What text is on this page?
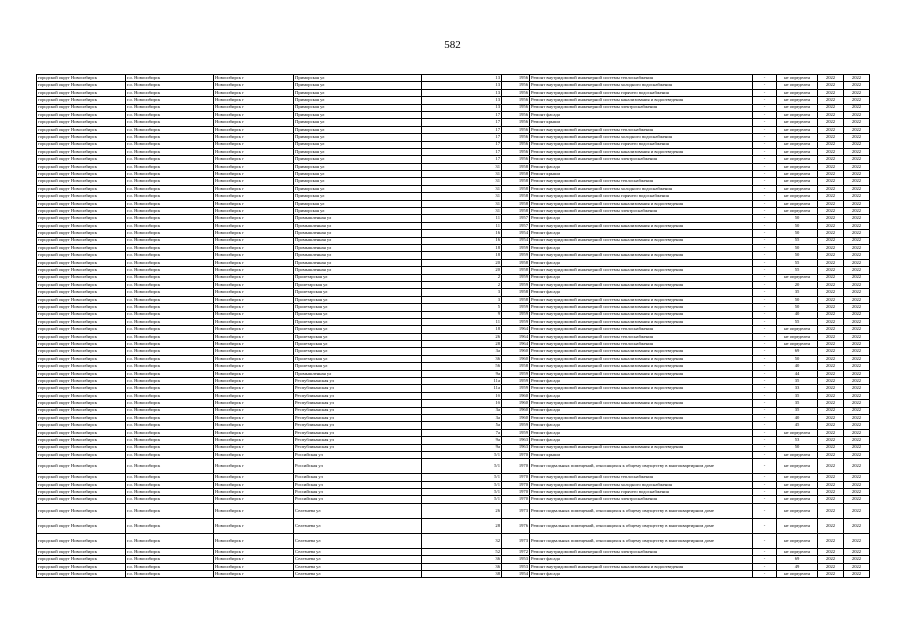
582
городской округ Новосибирск	г.о. Новосибирск	Новосибирск г	Приморская ул	13	1956	Ремонт внутридомовой инженерной системы теплоснабжения	-	не определен	2022	2022
городской округ Новосибирск	г.о. Новосибирск	Новосибирск г	Приморская ул	13	1956	Ремонт внутридомовой инженерной системы холодного водоснабжения	-	не определен	2022	2022
городской округ Новосибирск	г.о. Новосибирск	Новосибирск г	Приморская ул	13	1956	Ремонт внутридомовой инженерной системы горячего водоснабжения	-	не определен	2022	2022
городской округ Новосибирск	г.о. Новосибирск	Новосибирск г	Приморская ул	13	1956	Ремонт внутридомовой инженерной системы канализования и водоотведения	-	не определен	2022	2022
городской округ Новосибирск	г.о. Новосибирск	Новосибирск г	Приморская ул	13	1956	Ремонт внутридомовой инженерной системы электроснабжения	-	не определен	2022	2022
городской округ Новосибирск	г.о. Новосибирск	Новосибирск г	Приморская ул	17	1956	Ремонт фасада	-	не определен	2022	2022
городской округ Новосибирск	г.о. Новосибирск	Новосибирск г	Приморская ул	17	1956	Ремонт крыши	-	не определен	2022	2022
городской округ Новосибирск	г.о. Новосибирск	Новосибирск г	Приморская ул	17	1956	Ремонт внутридомовой инженерной системы теплоснабжения	-	не определен	2022	2022
городской округ Новосибирск	г.о. Новосибирск	Новосибирск г	Приморская ул	17	1956	Ремонт внутридомовой инженерной системы холодного водоснабжения	-	не определен	2022	2022
городской округ Новосибирск	г.о. Новосибирск	Новосибирск г	Приморская ул	17	1956	Ремонт внутридомовой инженерной системы горячего водоснабжения	-	не определен	2022	2022
городской округ Новосибирск	г.о. Новосибирск	Новосибирск г	Приморская ул	17	1956	Ремонт внутридомовой инженерной системы канализования и водоотведения	-	не определен	2022	2022
городской округ Новосибирск	г.о. Новосибирск	Новосибирск г	Приморская ул	17	1956	Ремонт внутридомовой инженерной системы электроснабжения	-	не определен	2022	2022
городской округ Новосибирск	г.о. Новосибирск	Новосибирск г	Приморская ул	31	1958	Ремонт фасада	-	не определен	2022	2022
городской округ Новосибирск	г.о. Новосибирск	Новосибирск г	Приморская ул	31	1958	Ремонт крыши	-	не определен	2022	2022
городской округ Новосибирск	г.о. Новосибирск	Новосибирск г	Приморская ул	31	1958	Ремонт внутридомовой инженерной системы теплоснабжения	-	не определен	2022	2022
городской округ Новосибирск	г.о. Новосибирск	Новосибирск г	Приморская ул	31	1958	Ремонт внутридомовой инженерной системы холодного водоснабжения	-	не определен	2022	2022
городской округ Новосибирск	г.о. Новосибирск	Новосибирск г	Приморская ул	31	1958	Ремонт внутридомовой инженерной системы горячего водоснабжения	-	не определен	2022	2022
городской округ Новосибирск	г.о. Новосибирск	Новосибирск г	Приморская ул	31	1958	Ремонт внутридомовой инженерной системы канализования и водоотведения	-	не определен	2022	2022
городской округ Новосибирск	г.о. Новосибирск	Новосибирск г	Приморская ул	31	1958	Ремонт внутридомовой инженерной системы электроснабжения	-	не определен	2022	2022
городской округ Новосибирск	г.о. Новосибирск	Новосибирск г	Промышленная ул	11	1957	Ремонт фасада	-	50	2022	2022
городской округ Новосибирск	г.о. Новосибирск	Новосибирск г	Промышленная ул	11	1957	Ремонт внутридомовой инженерной системы канализования и водоотведения	-	50	2022	2022
городской округ Новосибирск	г.о. Новосибирск	Новосибирск г	Промышленная ул	16	1954	Ремонт фасада	-	50	2022	2022
городской округ Новосибирск	г.о. Новосибирск	Новосибирск г	Промышленная ул	16	1954	Ремонт внутридомовой инженерной системы канализования и водоотведения	-	55	2022	2022
городской округ Новосибирск	г.о. Новосибирск	Новосибирск г	Промышленная ул	18	1959	Ремонт фасада	-	50	2022	2022
городской округ Новосибирск	г.о. Новосибирск	Новосибирск г	Промышленная ул	18	1959	Ремонт внутридомовой инженерной системы канализования и водоотведения	-	50	2022	2022
городской округ Новосибирск	г.о. Новосибирск	Новосибирск г	Промышленная ул	20	1958	Ремонт фасада	-	55	2022	2022
городской округ Новосибирск	г.о. Новосибирск	Новосибирск г	Промышленная ул	20	1958	Ремонт внутридомовой инженерной системы канализования и водоотведения	-	55	2022	2022
городской округ Новосибирск	г.о. Новосибирск	Новосибирск г	Пролетарская ул	2	1959	Ремонт фасада	-	не определен	2022	2022
городской округ Новосибирск	г.о. Новосибирск	Новосибирск г	Пролетарская ул	2	1959	Ремонт внутридомовой инженерной системы канализования и водоотведения	-	20	2022	2022
городской округ Новосибирск	г.о. Новосибирск	Новосибирск г	Пролетарская ул	3	1958	Ремонт фасада	-	35	2022	2022
городской округ Новосибирск	г.о. Новосибирск	Новосибирск г	Пролетарская ул	3	1958	Ремонт внутридомовой инженерной системы канализования и водоотведения	-	50	2022	2022
городской округ Новосибирск	г.о. Новосибирск	Новосибирск г	Пролетарская ул	5	1959	Ремонт внутридомовой инженерной системы канализования и водоотведения	-	50	2022	2022
городской округ Новосибирск	г.о. Новосибирск	Новосибирск г	Пролетарская ул	9	1959	Ремонт внутридомовой инженерной системы канализования и водоотведения	-	40	2022	2022
городской округ Новосибирск	г.о. Новосибирск	Новосибирск г	Пролетарская ул	11	1959	Ремонт внутридомовой инженерной системы канализования и водоотведения	-	55	2022	2022
городской округ Новосибирск	г.о. Новосибирск	Новосибирск г	Пролетарская ул	18	1964	Ремонт внутридомовой инженерной системы теплоснабжения	-	не определен	2022	2022
городской округ Новосибирск	г.о. Новосибирск	Новосибирск г	Пролетарская ул	26	1964	Ремонт внутридомовой инженерной системы теплоснабжения	-	не определен	2022	2022
городской округ Новосибирск	г.о. Новосибирск	Новосибирск г	Пролетарская ул	28	1964	Ремонт внутридомовой инженерной системы теплоснабжения	-	не определен	2022	2022
городской округ Новосибирск	г.о. Новосибирск	Новосибирск г	Пролетарская ул	3а	1960	Ремонт внутридомовой инженерной системы канализования и водоотведения	-	69	2022	2022
городской округ Новосибирск	г.о. Новосибирск	Новосибирск г	Пролетарская ул	36	1960	Ремонт внутридомовой инженерной системы канализования и водоотведения	-	50	2022	2022
городской округ Новосибирск	г.о. Новосибирск	Новосибирск г	Пролетарская ул	56	1958	Ремонт внутридомовой инженерной системы канализования и водоотведения	-	40	2022	2022
городской округ Новосибирск	г.о. Новосибирск	Новосибирск г	Промышленная ул	9а	1959	Ремонт внутридомовой инженерной системы канализования и водоотведения	-	44	2022	2022
городской округ Новосибирск	г.о. Новосибирск	Новосибирск г	Республиканская ул	11а	1959	Ремонт фасада	-	35	2022	2022
городской округ Новосибирск	г.о. Новосибирск	Новосибирск г	Республиканская ул	11а	1959	Ремонт внутридомовой инженерной системы канализования и водоотведения	-	33	2022	2022
городской округ Новосибирск	г.о. Новосибирск	Новосибирск г	Республиканская ул	1б	1960	Ремонт фасада	-	35	2022	2022
городской округ Новосибирск	г.о. Новосибирск	Новосибирск г	Республиканская ул	1б	1960	Ремонт внутридомовой инженерной системы канализования и водоотведения	-	35	2022	2022
городской округ Новосибирск	г.о. Новосибирск	Новосибирск г	Республиканская ул	3а	1960	Ремонт фасада	-	35	2022	2022
городской округ Новосибирск	г.о. Новосибирск	Новосибирск г	Республиканская ул	3а	1960	Ремонт внутридомовой инженерной системы канализования и водоотведения	-	40	2022	2022
городской округ Новосибирск	г.о. Новосибирск	Новосибирск г	Республиканская ул	5а	1959	Ремонт фасада	-	45	2022	2022
городской округ Новосибирск	г.о. Новосибирск	Новосибирск г	Республиканская ул	7а	1959	Ремонт фасада	-	не определен	2022	2022
городской округ Новосибирск	г.о. Новосибирск	Новосибирск г	Республиканская ул	9а	1963	Ремонт фасада	-	53	2022	2022
городской округ Новосибирск	г.о. Новосибирск	Новосибирск г	Республиканская ул	9а	1963	Ремонт внутридомовой инженерной системы канализования и водоотведения	-	50	2022	2022
городской округ Новосибирск	г.о. Новосибирск	Новосибирск г	Российская ул	5/1	1970	Ремонт крыши	-	не определен	2022	2022
городской округ Новосибирск	г.о. Новосибирск	Новосибирск г	Российская ул	5/1	1970	Ремонт подвальных помещений, относящихся к общему имуществу в многоквартирном доме	-	не определен	2022	2022
городской округ Новосибирск	г.о. Новосибирск	Новосибирск г	Российская ул	5/1	1970	Ремонт внутридомовой инженерной системы теплоснабжения	-	не определен	2022	2022
городской округ Новосибирск	г.о. Новосибирск	Новосибирск г	Российская ул	5/1	1970	Ремонт внутридомовой инженерной системы холодного водоснабжения	-	не определен	2022	2022
городской округ Новосибирск	г.о. Новосибирск	Новосибирск г	Российская ул	5/1	1970	Ремонт внутридомовой инженерной системы горячего водоснабжения	-	не определен	2022	2022
городской округ Новосибирск	г.о. Новосибирск	Новосибирск г	Российская ул	5/1	1970	Ремонт внутридомовой инженерной системы электроснабжения	-	не определен	2022	2022
городской округ Новосибирск	г.о. Новосибирск	Новосибирск г	Селезнева ул	26	1973	Ремонт подвальных помещений, относящихся к общему имуществу в многоквартирном доме	-	не определен	2022	2022
городской округ Новосибирск	г.о. Новосибирск	Новосибирск г	Селезнева ул	28	1976	Ремонт подвальных помещений, относящихся к общему имуществу в многоквартирном доме	-	не определен	2022	2022
городской округ Новосибирск	г.о. Новосибирск	Новосибирск г	Селезнева ул	32	1973	Ремонт подвальных помещений, относящихся к общему имуществу в многоквартирном доме	-	не определен	2022	2022
городской округ Новосибирск	г.о. Новосибирск	Новосибирск г	Селезнева ул	52	1972	Ремонт внутридомовой инженерной системы электроснабжения	-	не определен	2022	2022
городской округ Новосибирск	г.о. Новосибирск	Новосибирск г	Селезнева ул	36	1953	Ремонт фасада	-	69	2022	2022
городской округ Новосибирск	г.о. Новосибирск	Новосибирск г	Селезнева ул	36	1953	Ремонт внутридомовой инженерной системы канализования и водоотведения	-	49	2022	2022
городской округ Новосибирск	г.о. Новосибирск	Новосибирск г	Селезнева ул	38	1954	Ремонт фасада	-	не определен	2022	2022
